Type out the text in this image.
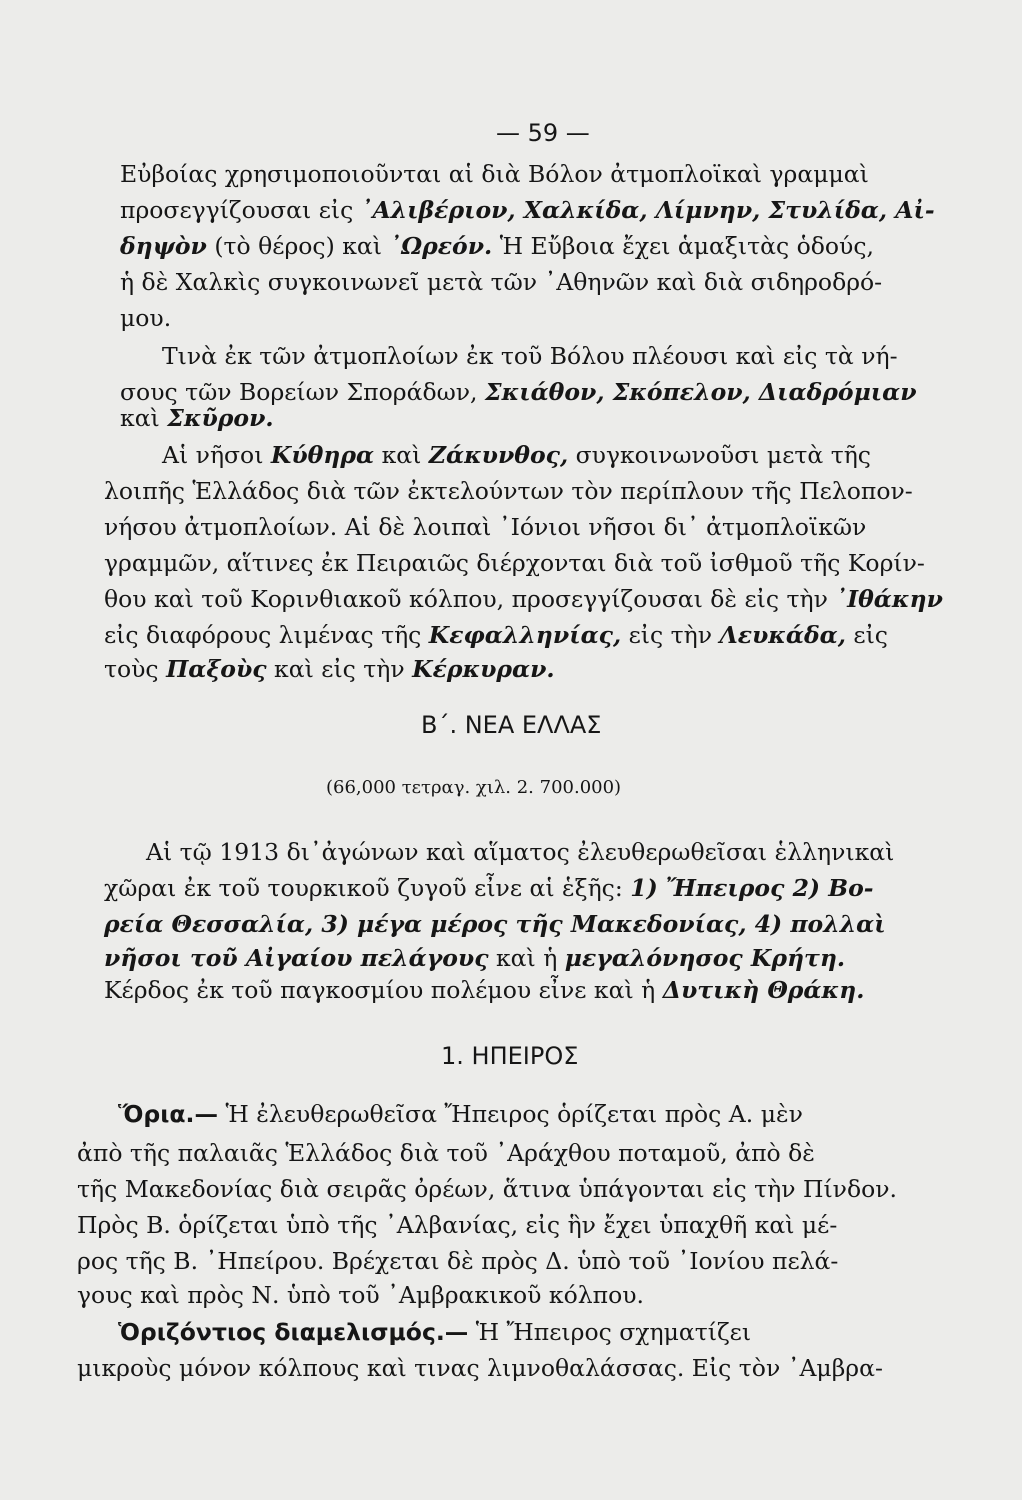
— 59 —
Εὐβοίας χρησιμοποιοῦνται αἱ διὰ Βόλον ἀτμοπλοϊκαὶ γραμμαὶ
προσεγγίζουσαι εἰς ᾿Αλιβέριον, Χαλκίδα, Λίμνην, Στυλίδα, Αἰ-
δηψὸν (τὸ θέρος) καὶ ᾿Ωρεόν. Ἡ Εὔβοια ἔχει ἁμαξιτὰς ὁδούς,
ἡ δὲ Χαλκὶς συγκοινωνεῖ μετὰ τῶν ᾿Αθηνῶν καὶ διὰ σιδηροδρό-
μου.
Τινὰ ἐκ τῶν ἀτμοπλοίων ἐκ τοῦ Βόλου πλέουσι καὶ εἰς τὰ νή-
σους τῶν Βορείων Σποράδων, Σκιάθον, Σκόπελον, Διαδρόμιαν
καὶ Σκῦρον.
Αἱ νῆσοι Κύθηρα καὶ Ζάκυνθος, συγκοινωνοῦσι μετὰ τῆς
λοιπῆς Ἑλλάδος διὰ τῶν ἐκτελούντων τὸν περίπλουν τῆς Πελοπον-
νήσου ἀτμοπλοίων. Αἱ δὲ λοιπαὶ ᾿Ιόνιοι νῆσοι δι᾿ ἀτμοπλοϊκῶν
γραμμῶν, αἵτινες ἐκ Πειραιῶς διέρχονται διὰ τοῦ ἰσθμοῦ τῆς Κορίν-
θου καὶ τοῦ Κορινθιακοῦ κόλπου, προσεγγίζουσαι δὲ εἰς τὴν ᾿Ιθάκην
εἰς διαφόρους λιμένας τῆς Κεφαλληνίας, εἰς τὴν Λευκάδα, εἰς
τοὺς Παξοὺς καὶ εἰς τὴν Κέρκυραν.
Β΄. ΝΕΑ ΕΛΛΑΣ
(66,000 τετραγ. χιλ. 2. 700.000)
Αἱ τῷ 1913 δι᾿ἀγώνων καὶ αἵματος ἐλευθερωθεῖσαι ἑλληνικαὶ
χῶραι ἐκ τοῦ τουρκικοῦ ζυγοῦ εἶνε αἱ ἑξῆς: 1) Ἤπειρος 2) Βο-
ρεία Θεσσαλία, 3) μέγα μέρος τῆς Μακεδονίας, 4) πολλαὶ
νῆσοι τοῦ Αἰγαίου πελάγους καὶ ἡ μεγαλόνησος Κρήτη.
Κέρδος ἐκ τοῦ παγκοσμίου πολέμου εἶνε καὶ ἡ Δυτικὴ Θράκη.
1. ΗΠΕΙΡΟΣ
Ὅρια.— Ἡ ἐλευθερωθεῖσα Ἤπειρος ὁρίζεται πρὸς Α. μὲν
ἀπὸ τῆς παλαιᾶς Ἑλλάδος διὰ τοῦ ᾿Αράχθου ποταμοῦ, ἀπὸ δὲ
τῆς Μακεδονίας διὰ σειρᾶς ὀρέων, ἅτινα ὑπάγονται εἰς τὴν Πίνδον.
Πρὸς Β. ὁρίζεται ὑπὸ τῆς ᾿Αλβανίας, εἰς ἣν ἔχει ὑπαχθῆ καὶ μέ-
ρος τῆς Β. ᾿Ηπείρου. Βρέχεται δὲ πρὸς Δ. ὑπὸ τοῦ ᾿Ιονίου πελά-
γους καὶ πρὸς Ν. ὑπὸ τοῦ ᾿Αμβρακικοῦ κόλπου.
Ὁριζόντιος διαμελισμός.— Ἡ Ἤπειρος σχηματίζει
μικροὺς μόνον κόλπους καὶ τινας λιμνοθαλάσσας. Εἰς τὸν ᾿Αμβρα-
